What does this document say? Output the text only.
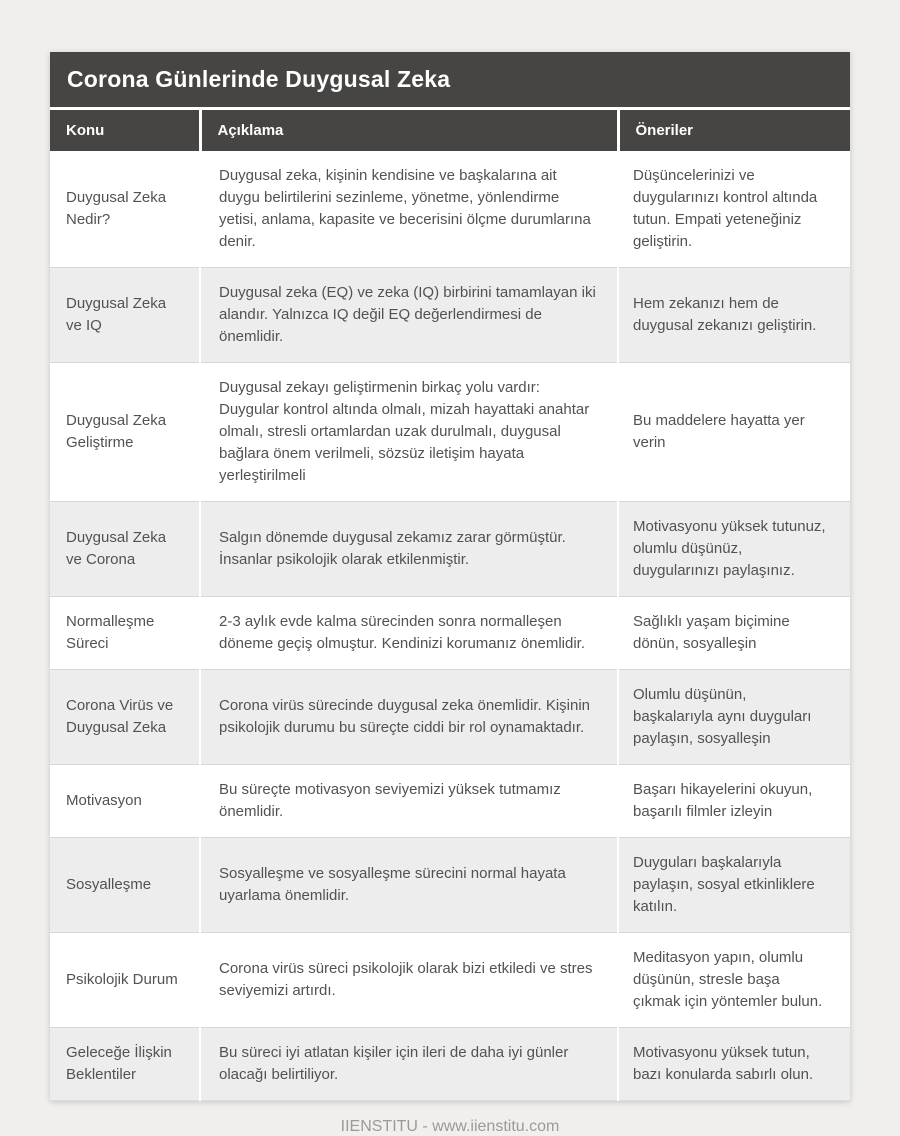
Corona Günlerinde Duygusal Zeka
Konu	Açıklama	Öneriler
Duygusal Zeka Nedir?	Duygusal zeka, kişinin kendisine ve başkalarına ait duygu belirtilerini sezinleme, yönetme, yönlendirme yetisi, anlama, kapasite ve becerisini ölçme durumlarına denir.	Düşüncelerinizi ve duygularınızı kontrol altında tutun. Empati yeteneğiniz geliştirin.
Duygusal Zeka ve IQ	Duygusal zeka (EQ) ve zeka (IQ) birbirini tamamlayan iki alandır. Yalnızca IQ değil EQ değerlendirmesi de önemlidir.	Hem zekanızı hem de duygusal zekanızı geliştirin.
Duygusal Zeka Geliştirme	Duygusal zekayı geliştirmenin birkaç yolu vardır: Duygular kontrol altında olmalı, mizah hayattaki anahtar olmalı, stresli ortamlardan uzak durulmalı, duygusal bağlara önem verilmeli, sözsüz iletişim hayata yerleştirilmeli	Bu maddelere hayatta yer verin
Duygusal Zeka ve Corona	Salgın dönemde duygusal zekamız zarar görmüştür. İnsanlar psikolojik olarak etkilenmiştir.	Motivasyonu yüksek tutunuz, olumlu düşünüz, duygularınızı paylaşınız.
Normalleşme Süreci	2-3 aylık evde kalma sürecinden sonra normalleşen döneme geçiş olmuştur. Kendinizi korumanız önemlidir.	Sağlıklı yaşam biçimine dönün, sosyalleşin
Corona Virüs ve Duygusal Zeka	Corona virüs sürecinde duygusal zeka önemlidir. Kişinin psikolojik durumu bu süreçte ciddi bir rol oynamaktadır.	Olumlu düşünün, başkalarıyla aynı duyguları paylaşın, sosyalleşin
Motivasyon	Bu süreçte motivasyon seviyemizi yüksek tutmamız önemlidir.	Başarı hikayelerini okuyun, başarılı filmler izleyin
Sosyalleşme	Sosyalleşme ve sosyalleşme sürecini normal hayata uyarlama önemlidir.	Duyguları başkalarıyla paylaşın, sosyal etkinliklere katılın.
Psikolojik Durum	Corona virüs süreci psikolojik olarak bizi etkiledi ve stres seviyemizi artırdı.	Meditasyon yapın, olumlu düşünün, stresle başa çıkmak için yöntemler bulun.
Geleceğe İlişkin Beklentiler	Bu süreci iyi atlatan kişiler için ileri de daha iyi günler olacağı belirtiliyor.	Motivasyonu yüksek tutun, bazı konularda sabırlı olun.
IIENSTITU - www.iienstitu.com
